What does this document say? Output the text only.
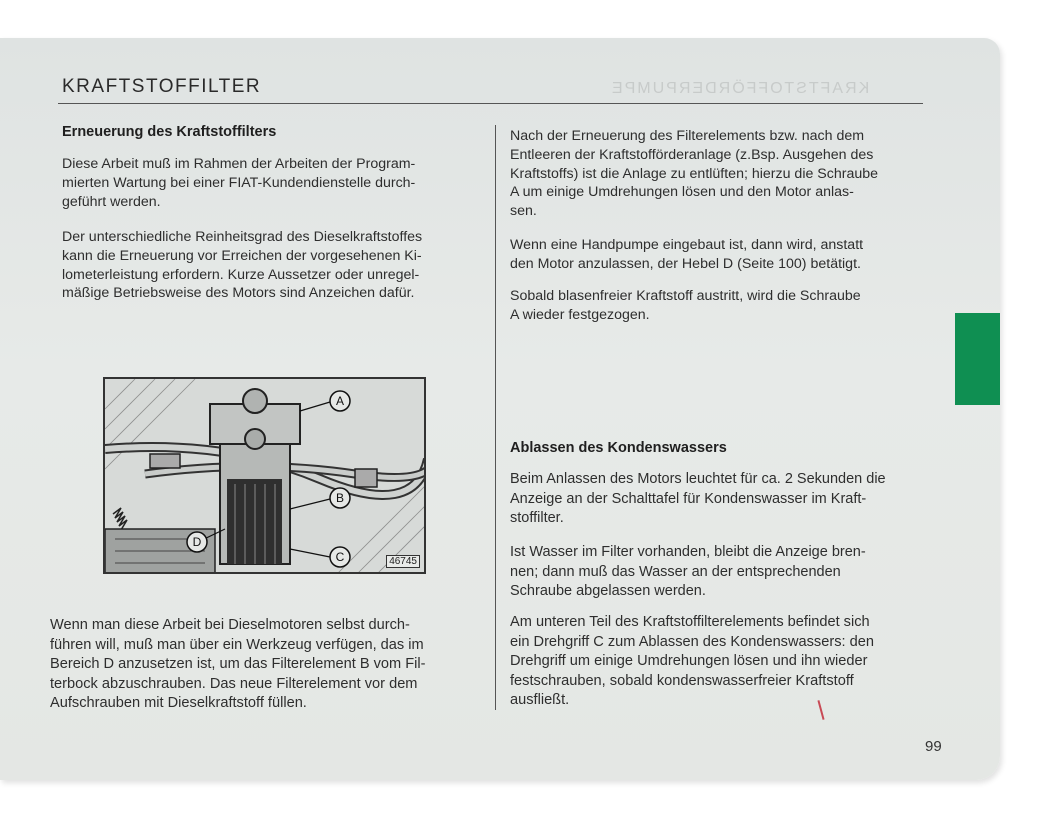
KRAFTSTOFFÖRDERPUMPE
KRAFTSTOFFILTER
Erneuerung des Kraftstoffilters
Diese Arbeit muß im Rahmen der Arbeiten der Program-
mierten Wartung bei einer FIAT-Kundendienstelle durch-
geführt werden.
Der unterschiedliche Reinheitsgrad des Dieselkraftstoffes
kann die Erneuerung vor Erreichen der vorgesehenen Ki-
lometerleistung erfordern. Kurze Aussetzer oder unregel-
mäßige Betriebsweise des Motors sind Anzeichen dafür.
A
B
C
D
46745
Wenn man diese Arbeit bei Dieselmotoren selbst durch-
führen will, muß man über ein Werkzeug verfügen, das im
Bereich D anzusetzen ist, um das Filterelement B vom Fil-
terbock abzuschrauben. Das neue Filterelement vor dem
Aufschrauben mit Dieselkraftstoff füllen.
Nach der Erneuerung des Filterelements bzw. nach dem
Entleeren der Kraftstofförderanlage (z.Bsp. Ausgehen des
Kraftstoffs) ist die Anlage zu entlüften; hierzu die Schraube
A um einige Umdrehungen lösen und den Motor anlas-
sen.
Wenn eine Handpumpe eingebaut ist, dann wird, anstatt
den Motor anzulassen, der Hebel D (Seite 100) betätigt.
Sobald blasenfreier Kraftstoff austritt, wird die Schraube
A wieder festgezogen.
Ablassen des Kondenswassers
Beim Anlassen des Motors leuchtet für ca. 2 Sekunden die
Anzeige an der Schalttafel für Kondenswasser im Kraft-
stoffilter.
Ist Wasser im Filter vorhanden, bleibt die Anzeige bren-
nen; dann muß das Wasser an der entsprechenden
Schraube abgelassen werden.
Am unteren Teil des Kraftstoffilterelements befindet sich
ein Drehgriff C zum Ablassen des Kondenswassers: den
Drehgriff um einige Umdrehungen lösen und ihn wieder
festschrauben, sobald kondenswasserfreier Kraftstoff
ausfließt.
99
